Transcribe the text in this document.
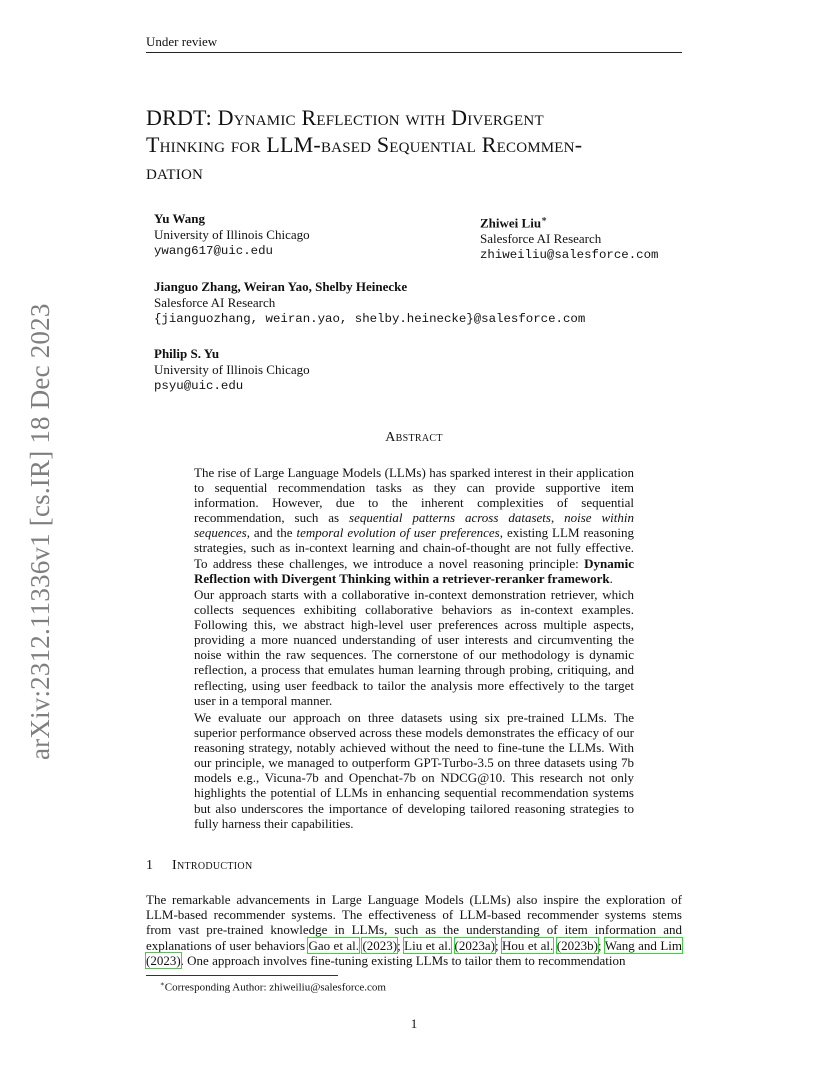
Under review
arXiv:2312.11336v1 [cs.IR] 18 Dec 2023
DRDT: Dynamic Reflection with Divergent
Thinking for LLM-based Sequential Recommen-
dation
Yu Wang
University of Illinois Chicago
ywang617@uic.edu
Zhiwei Liu∗
Salesforce AI Research
zhiweiliu@salesforce.com
Jianguo Zhang, Weiran Yao, Shelby Heinecke
Salesforce AI Research
{jianguozhang, weiran.yao, shelby.heinecke}@salesforce.com
Philip S. Yu
University of Illinois Chicago
psyu@uic.edu
Abstract

The rise of Large Language Models (LLMs) has sparked interest in their application to sequential recommendation tasks as they can provide supportive item information. However, due to the inherent complexities of sequential recommendation, such as sequential patterns across datasets, noise within sequences, and the temporal evolution of user preferences, existing LLM reasoning strategies, such as in-context learning and chain-of-thought are not fully effective. To address these challenges, we introduce a novel reasoning principle: Dynamic Reflection with Divergent Thinking within a retriever-reranker framework.

Our approach starts with a collaborative in-context demonstration retriever, which collects sequences exhibiting collaborative behaviors as in-context examples. Following this, we abstract high-level user preferences across multiple aspects, providing a more nuanced understanding of user interests and circumventing the noise within the raw sequences. The cornerstone of our methodology is dynamic reflection, a process that emulates human learning through probing, critiquing, and reflecting, using user feedback to tailor the analysis more effectively to the target user in a temporal manner.

We evaluate our approach on three datasets using six pre-trained LLMs. The superior performance observed across these models demonstrates the efficacy of our reasoning strategy, notably achieved without the need to fine-tune the LLMs. With our principle, we managed to outperform GPT-Turbo-3.5 on three datasets using 7b models e.g., Vicuna-7b and Openchat-7b on NDCG@10. This research not only highlights the potential of LLMs in enhancing sequential recommendation systems but also underscores the importance of developing tailored reasoning strategies to fully harness their capabilities.

1 Introduction
The remarkable advancements in Large Language Models (LLMs) also inspire the exploration of LLM-based recommender systems. The effectiveness of LLM-based recommender systems stems from vast pre-trained knowledge in LLMs, such as the understanding of item information and explanations of user behaviors Gao et al. (2023); Liu et al. (2023a); Hou et al. (2023b); Wang and Lim (2023). One approach involves fine-tuning existing LLMs to tailor them to recommendation
∗Corresponding Author: zhiweiliu@salesforce.com
1
